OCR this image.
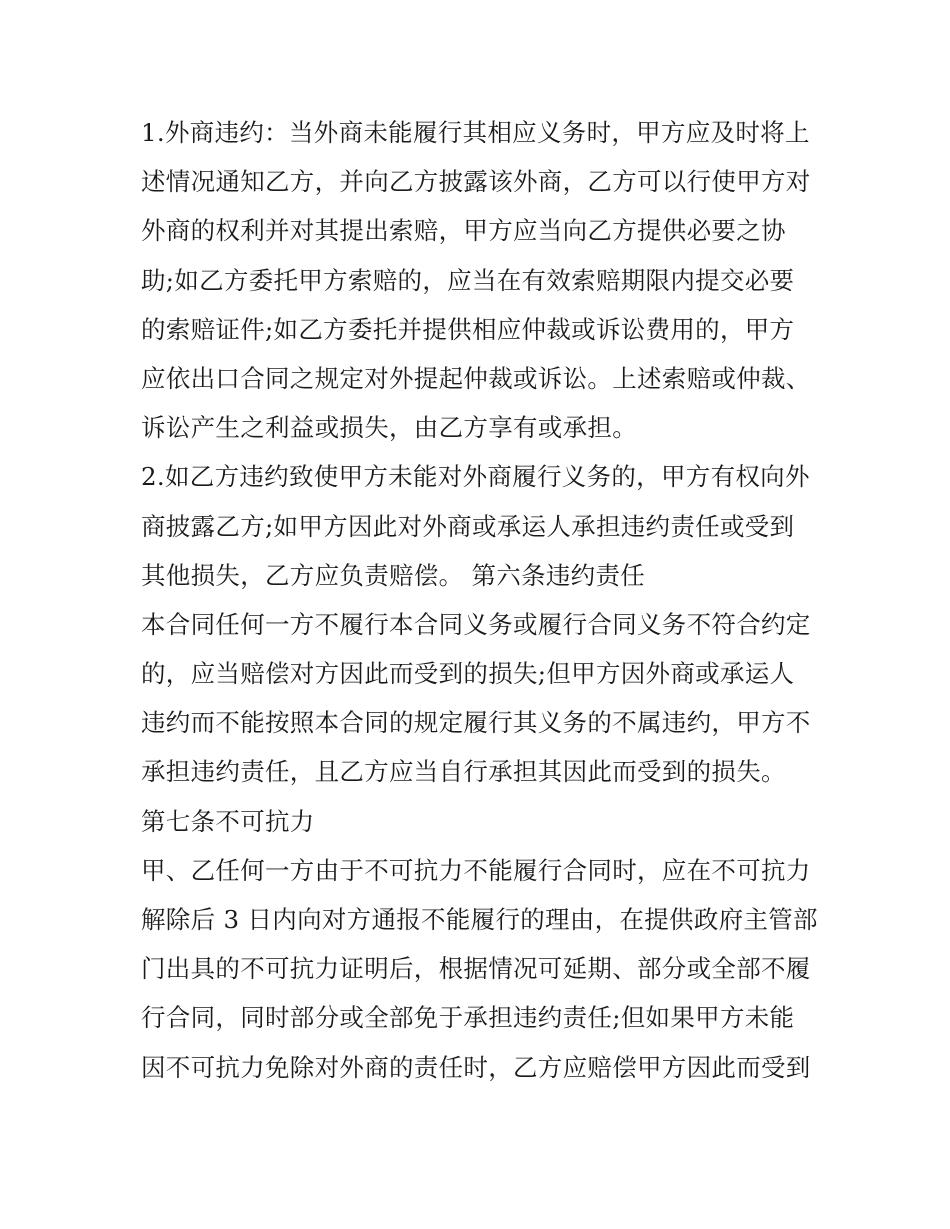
1.外商违约：当外商未能履行其相应义务时，甲方应及时将上
述情况通知乙方，并向乙方披露该外商，乙方可以行使甲方对
外商的权利并对其提出索赔，甲方应当向乙方提供必要之协
助;如乙方委托甲方索赔的，应当在有效索赔期限内提交必要
的索赔证件;如乙方委托并提供相应仲裁或诉讼费用的，甲方
应依出口合同之规定对外提起仲裁或诉讼。上述索赔或仲裁、
诉讼产生之利益或损失，由乙方享有或承担。
2.如乙方违约致使甲方未能对外商履行义务的，甲方有权向外
商披露乙方;如甲方因此对外商或承运人承担违约责任或受到
其他损失，乙方应负责赔偿。 第六条违约责任
本合同任何一方不履行本合同义务或履行合同义务不符合约定
的，应当赔偿对方因此而受到的损失;但甲方因外商或承运人
违约而不能按照本合同的规定履行其义务的不属违约，甲方不
承担违约责任，且乙方应当自行承担其因此而受到的损失。
第七条不可抗力
甲、乙任何一方由于不可抗力不能履行合同时，应在不可抗力
解除后 3 日内向对方通报不能履行的理由，在提供政府主管部
门出具的不可抗力证明后，根据情况可延期、部分或全部不履
行合同，同时部分或全部免于承担违约责任;但如果甲方未能
因不可抗力免除对外商的责任时，乙方应赔偿甲方因此而受到
